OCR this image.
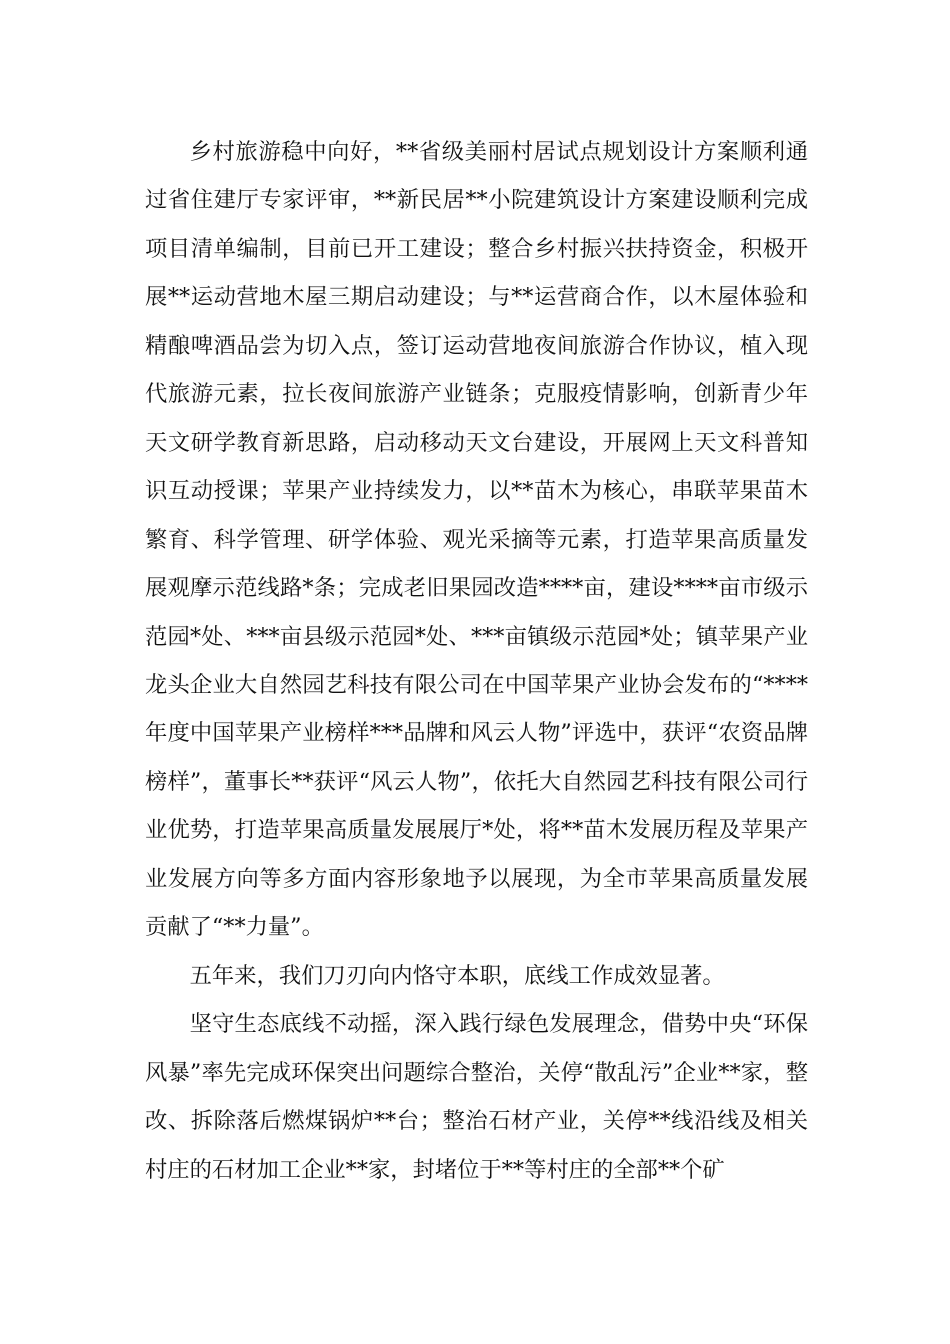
乡村旅游稳中向好，**省级美丽村居试点规划设计方案顺利通过省住建厅专家评审，**新民居**小院建筑设计方案建设顺利完成项目清单编制，目前已开工建设；整合乡村振兴扶持资金，积极开展**运动营地木屋三期启动建设；与**运营商合作，以木屋体验和精酿啤酒品尝为切入点，签订运动营地夜间旅游合作协议，植入现代旅游元素，拉长夜间旅游产业链条；克服疫情影响，创新青少年天文研学教育新思路，启动移动天文台建设，开展网上天文科普知识互动授课；苹果产业持续发力，以**苗木为核心，串联苹果苗木繁育、科学管理、研学体验、观光采摘等元素，打造苹果高质量发展观摩示范线路*条；完成老旧果园改造****亩，建设****亩市级示范园*处、***亩县级示范园*处、***亩镇级示范园*处；镇苹果产业龙头企业大自然园艺科技有限公司在中国苹果产业协会发布的“****年度中国苹果产业榜样***品牌和风云人物”评选中，获评“农资品牌榜样”，董事长**获评“风云人物”，依托大自然园艺科技有限公司行业优势，打造苹果高质量发展展厅*处，将**苗木发展历程及苹果产业发展方向等多方面内容形象地予以展现，为全市苹果高质量发展贡献了“**力量”。

五年来，我们刀刃向内恪守本职，底线工作成效显著。

坚守生态底线不动摇，深入践行绿色发展理念，借势中央“环保风暴”率先完成环保突出问题综合整治，关停“散乱污”企业**家，整改、拆除落后燃煤锅炉**台；整治石材产业，关停**线沿线及相关村庄的石材加工企业**家，封堵位于**等村庄的全部**个矿
